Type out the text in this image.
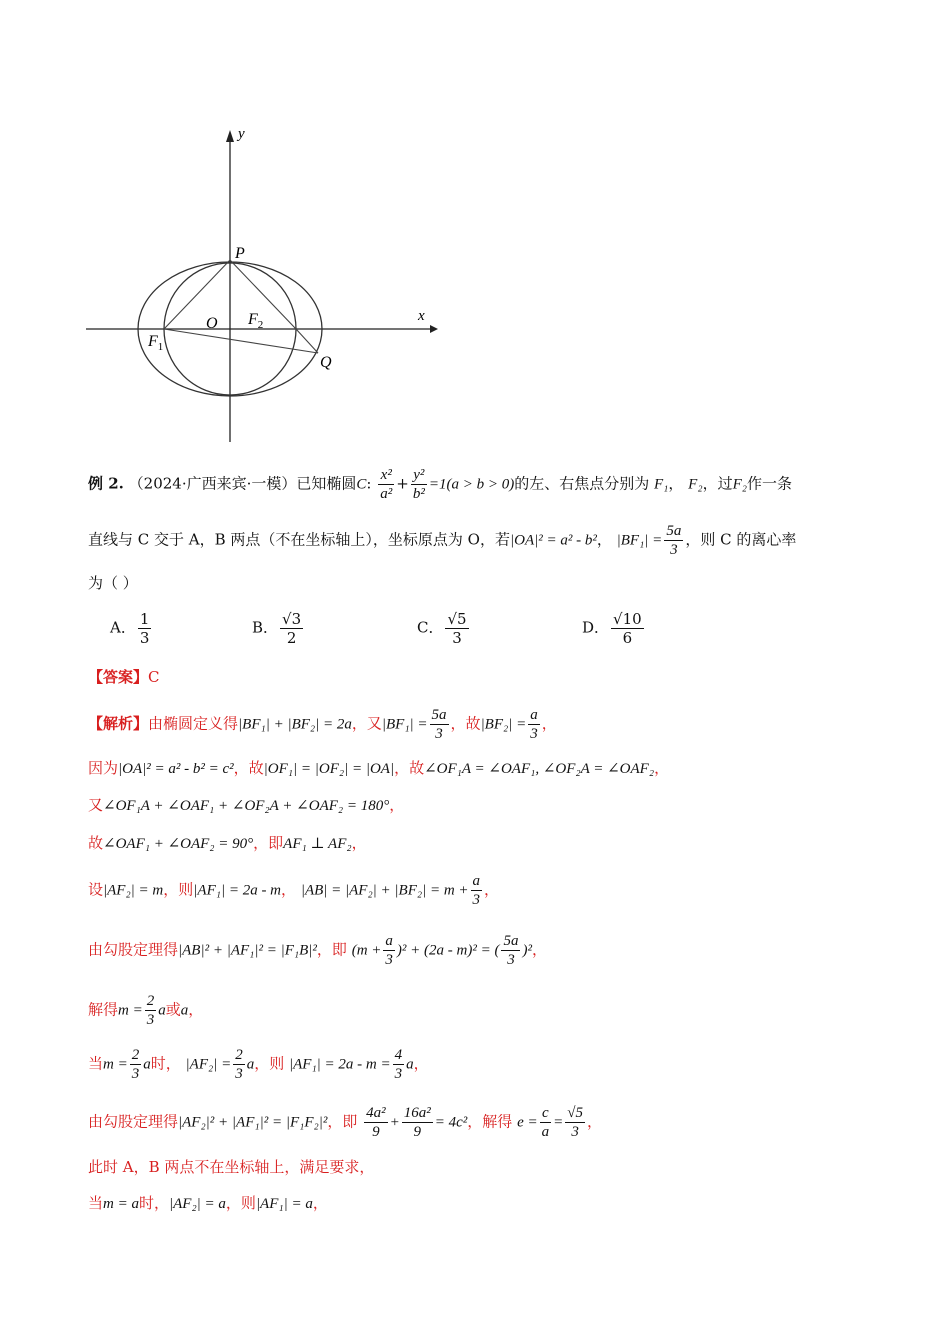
y
x
P
O $F_2$
$F_1$
Q
例 2. （2024·广西来宾·一模）已知椭圆C: $\frac{\text{x²}}{\text{a²}} + \frac{\text{y²}}{\text{b²}} =1(a > b > 0)$的左、右焦点分别为 F₁， F₂，过F₂作一条
直线与 C 交于 A，B 两点（不在坐标轴上），坐标原点为 O，若|OA|² = a² - b²， $|BF_1| = \frac{5a}{3}$ ，则 C 的离心率
为（ ）
A． $\frac{1}{3}$	B． $\frac{√3}{2}$	C． $\frac{√5}{3}$	D． $\frac{√10}{6}$
【答案】C
【解析】由椭圆定义得|BF₁| + |BF₂| = 2a，又$|BF_1| = \frac{5a}{3}$ ，故$|BF_2| = \frac{a}{3}$ ，
因为|OA|² = a² - b² = c²，故|OF₁| = |OF₂| = |OA|，故∠OF₁A = ∠OAF₁, ∠OF₂A = ∠OAF₂，
又∠OF₁A + ∠OAF₁ + ∠OF₂A + ∠OAF₂ = 180°，
故∠OAF₁ + ∠OAF₂ = 90°，即AF₁ ⊥ AF₂，
设|AF₂| = m，则|AF₁| = 2a - m， $|AB| = |AF_2| + |BF_2| = m + \frac{a}{3}$ ，
由勾股定理得|AB|² + |AF₁|² = |F₁B|²，即 $(m + \frac{a}{3} )^2 + (2a - m)^2$ = ( $\frac{5a}{3} )^2$，
解得$m = \frac{2}{3}$ a或a，
当$m = \frac{2}{3}$ a时， $|AF_2| = \frac{2}{3}$ a，则 $|AF_1| = 2a - m = \frac{4}{3}$ a，
由勾股定理得|AF₂|² + |AF₁|² = |F₁F₂|²，即 $\frac{\text{4a²}}{9} + \frac{\text{16a²}}{9} = 4c^2$，解得 $e = \frac{c}{a} = \frac{√5}{3}$ ，
此时 A，B 两点不在坐标轴上，满足要求，
当m = a时，|AF₂| = a，则|AF₁| = a，
